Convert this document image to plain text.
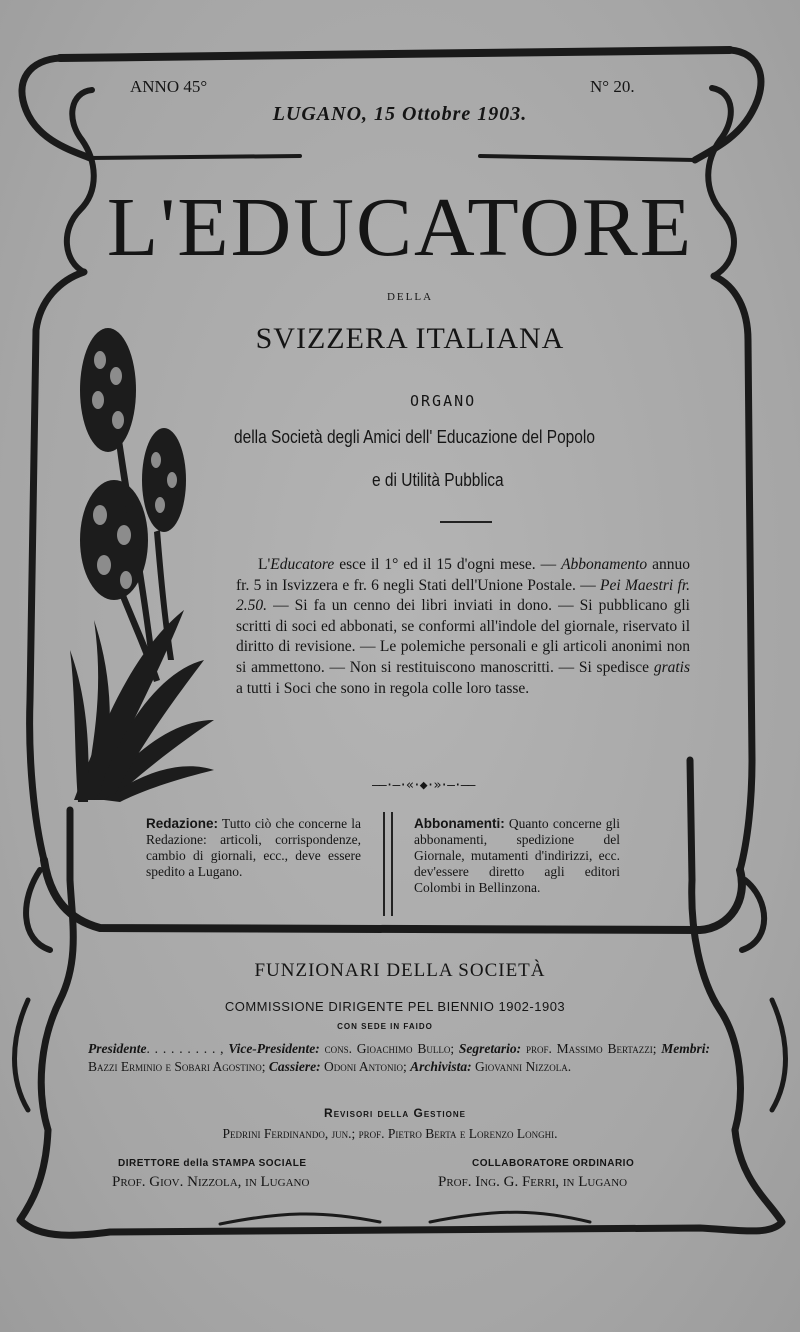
ANNO 45°	N° 20.
LUGANO, 15 Ottobre 1903.
L'EDUCATORE
DELLA
SVIZZERA ITALIANA
ORGANO
della Società degli Amici dell' Educazione del Popolo
e di Utilità Pubblica
L'Educatore esce il 1° ed il 15 d'ogni mese. — Abbonamento annuo fr. 5 in Isvizzera e fr. 6 negli Stati dell'Unione Postale. — Pei Maestri fr. 2.50. — Si fa un cenno dei libri inviati in dono. — Si pubblicano gli scritti di soci ed abbonati, se conformi all'indole del giornale, riservato il diritto di revisione. — Le polemiche personali e gli articoli anonimi non si ammettono. — Non si restituiscono manoscritti. — Si spedisce gratis a tutti i Soci che sono in regola colle loro tasse.
——·—·«·◆·»·—·——
Redazione: Tutto ciò che concerne la Redazione: articoli, corrispondenze, cambio di giornali, ecc., deve essere spedito a Lugano.
Abbonamenti: Quanto concerne gli abbonamenti, spedizione del Giornale, mutamenti d'indirizzi, ecc. dev'essere diretto agli editori Colombi in Bellinzona.
FUNZIONARI DELLA SOCIETÀ
COMMISSIONE DIRIGENTE PEL BIENNIO 1902-1903
CON SEDE IN FAIDO
Presidente. . . . . . . . . , Vice-Presidente: cons. Gioachimo Bullo; Segretario: prof. Massimo Bertazzi; Membri: Bazzi Erminio e Sobari Agostino; Cassiere: Odoni Antonio; Archivista: Giovanni Nizzola.
Revisori della Gestione
Pedrini Ferdinando, jun.; prof. Pietro Berta e Lorenzo Longhi.
DIRETTORE della STAMPA SOCIALE
Prof. Giov. Nizzola, in Lugano
COLLABORATORE ORDINARIO
Prof. Ing. G. Ferri, in Lugano
